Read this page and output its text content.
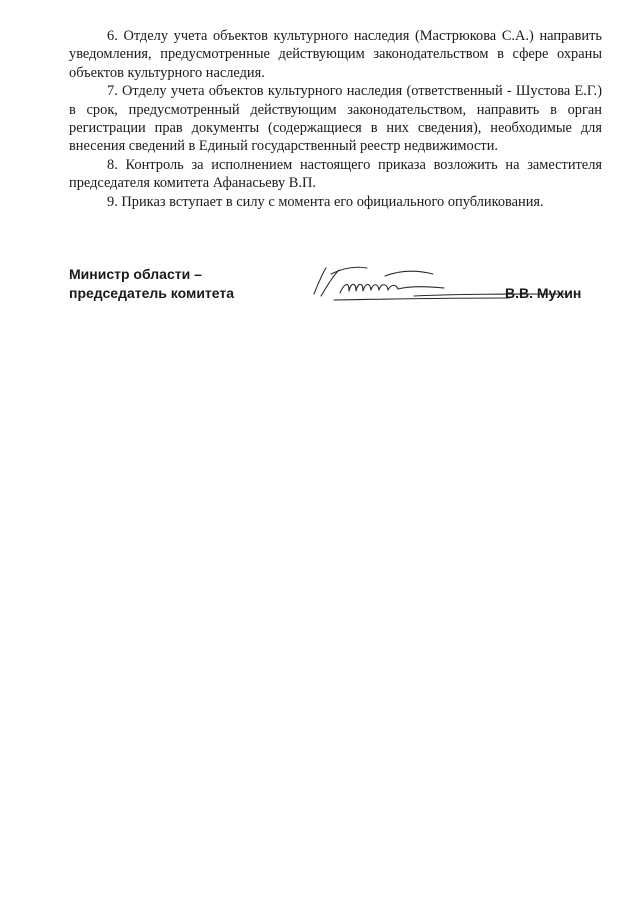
6. Отделу учета объектов культурного наследия (Мастрюкова С.А.) направить уведомления, предусмотренные действующим законодательством в сфере охраны объектов культурного наследия.

7. Отделу учета объектов культурного наследия (ответственный - Шустова Е.Г.) в срок, предусмотренный действующим законодательством, направить в орган регистрации прав документы (содержащиеся в них сведения), необходимые для внесения сведений в Единый государственный реестр недвижимости.

8. Контроль за исполнением настоящего приказа возложить на заместителя председателя комитета Афанасьеву В.П.

9. Приказ вступает в силу с момента его официального опубликования.

Министр области –
председатель комитета	В.В. Мухин
